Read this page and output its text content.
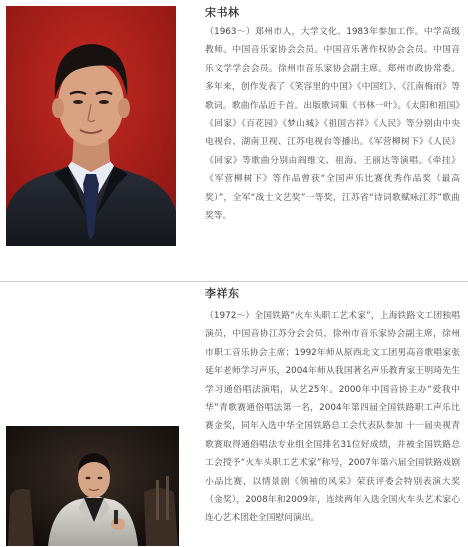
宋书林
（1963～）郑州市人，大学文化。1983年参加工作。中学高级教师。中国音乐家协会会员。中国音乐著作权协会会员。中国音乐文学学会会员。徐州市音乐家协会副主席。郑州市政协常委。多年来，创作发表了《笑容里的中国》《中国红》、《江南梅雨》等歌词。歌曲作品近千首。出版歌词集《书林一叶》。《太阳和祖国》《回家》《百花园》《梦山城》《祖国吉祥》《人民》等分别由中央电视台、湖南卫视、江苏电视台等播出。《军营柳树下》《人民》《回家》等歌曲分别由阎维文、祖海、王丽达等演唱。《牵挂》《军营柳树下》等作品曾获“全国声乐比赛优秀作品奖（最高奖）”，全军“战士文艺奖”一等奖，江苏省“诗词歌赋咏江苏”歌曲奖等。
李祥东
（1972～）全国铁路“火车头职工艺术家”，上海铁路文工团独唱演员，中国音协江苏分会会员，徐州市音乐家协会副主席，徐州市职工音乐协会主席；1992年师从原西北文工团男高音歌唱家张延年老师学习声乐，2004年师从我国著名声乐教育家王明琦先生学习通俗唱法演唱，从艺25年。2000年中国音协主办“爱我中华”青歌赛通俗唱法第一名，2004年第四届全国铁路职工声乐比赛金奖，同年入选中华全国铁路总工会代表队参加 十一届央视青歌赛取得通俗唱法专业组全国排名31位好成绩，并被全国铁路总工会授予“火车头职工艺术家”称号，2007年第六届全国铁路戏剧小品比赛，以情景剧《领袖的风采》荣获评委会特别表演大奖（金奖），2008年和2009年，连续两年入选全国火车头艺术家心连心艺术团赴全国慰问演出。
